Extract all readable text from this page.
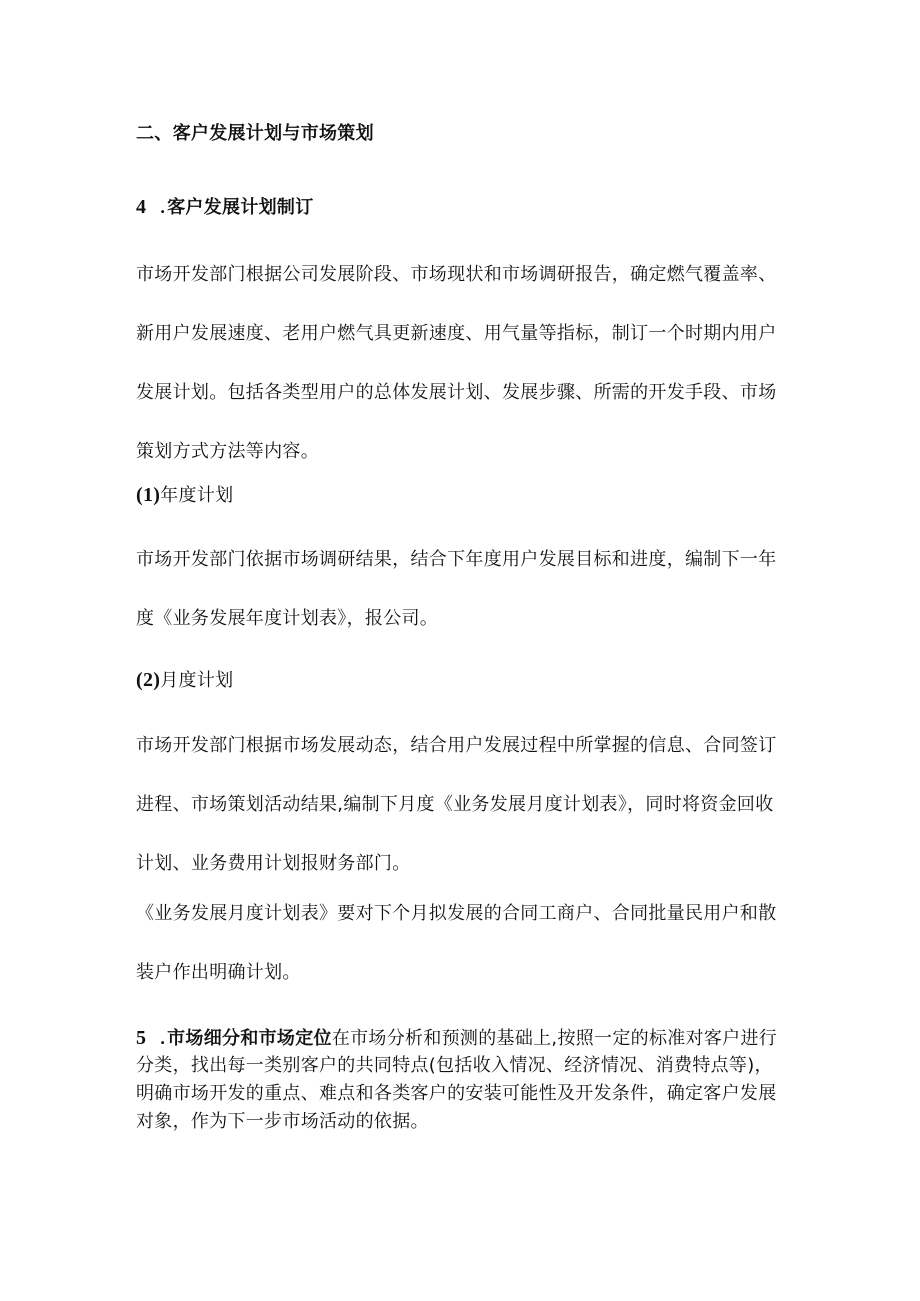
二、客户发展计划与市场策划
4 . 客户发展计划制订
市场开发部门根据公司发展阶段、市场现状和市场调研报告，确定燃气覆盖率、
新用户发展速度、老用户燃气具更新速度、用气量等指标，制订一个时期内用户
发展计划。包括各类型用户的总体发展计划、发展步骤、所需的开发手段、市场
策划方式方法等内容。
(1)年度计划
市场开发部门依据市场调研结果，结合下年度用户发展目标和进度，编制下一年
度《业务发展年度计划表》，报公司。
(2)月度计划
市场开发部门根据市场发展动态，结合用户发展过程中所掌握的信息、合同签订
进程、市场策划活动结果,编制下月度《业务发展月度计划表》，同时将资金回收
计划、业务费用计划报财务部门。
《业务发展月度计划表》要对下个月拟发展的合同工商户、合同批量民用户和散
装户作出明确计划。
5 . 市场细分和市场定位在市场分析和预测的基础上,按照一定的标准对客户进行
分类，找出每一类别客户的共同特点(包括收入情况、经济情况、消费特点等)，
明确市场开发的重点、难点和各类客户的安装可能性及开发条件，确定客户发展
对象，作为下一步市场活动的依据。
